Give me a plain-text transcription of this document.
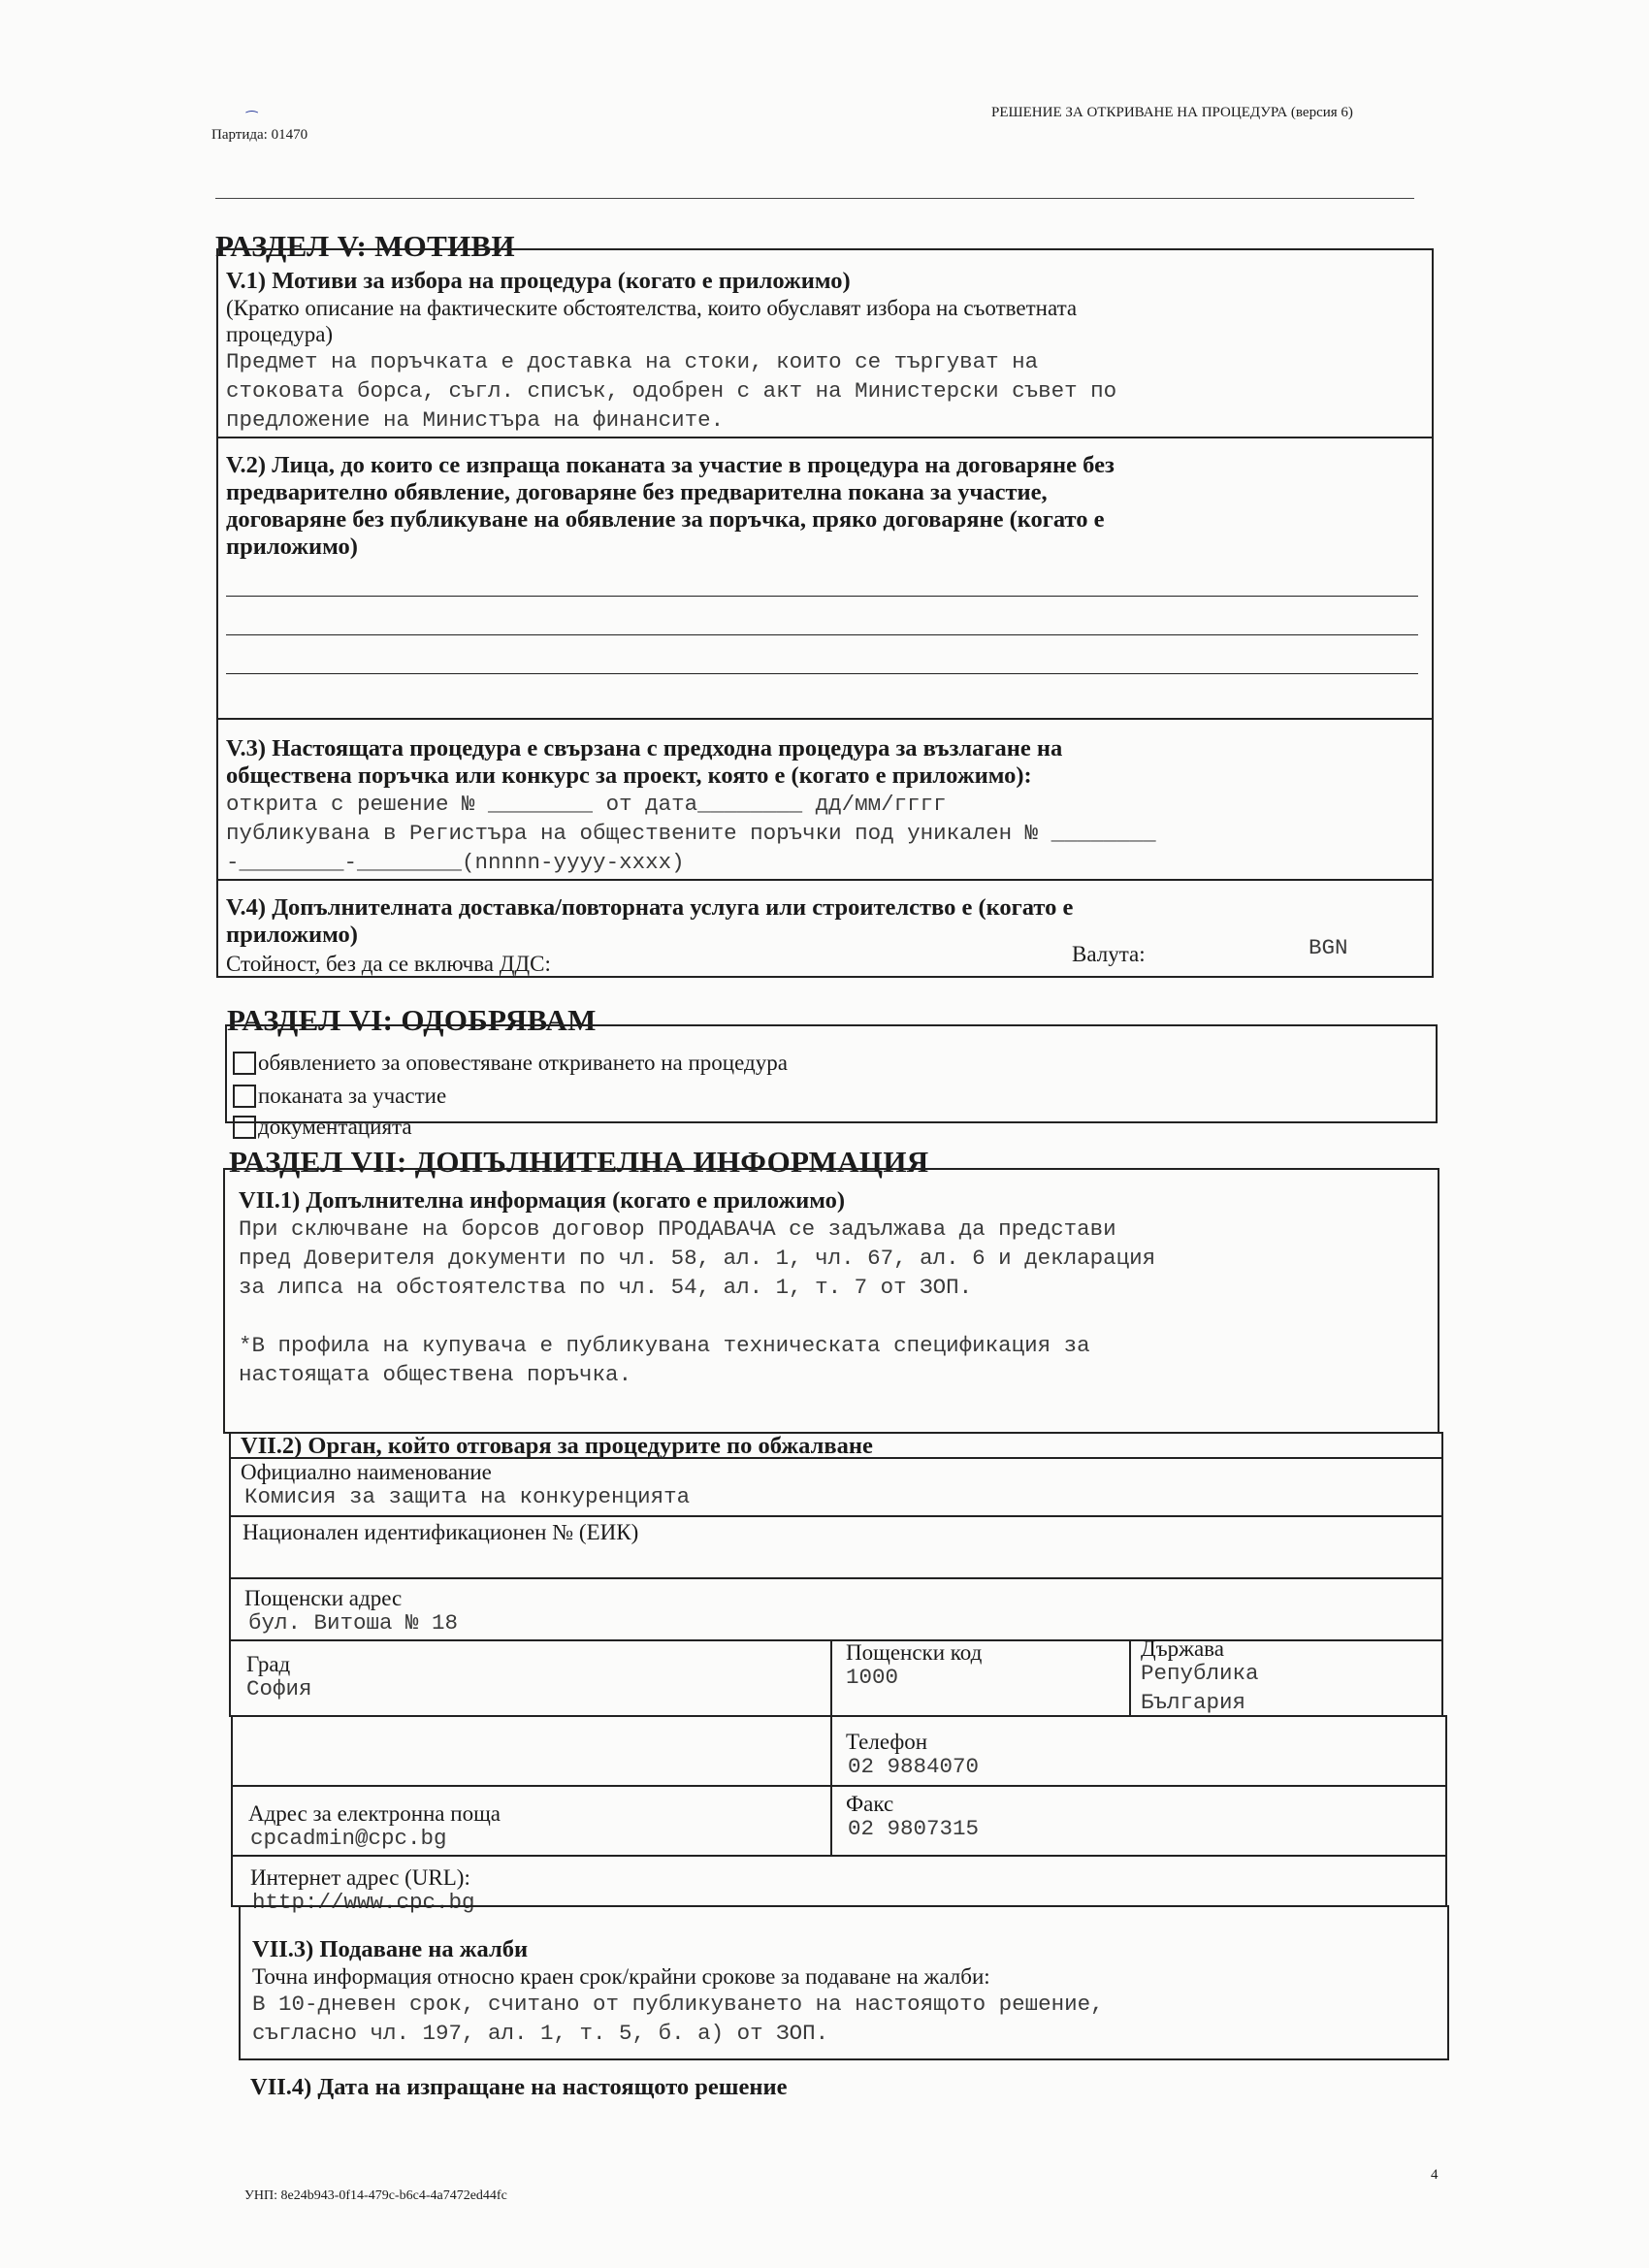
⁀
Партида: 01470
РЕШЕНИЕ ЗА ОТКРИВАНЕ НА ПРОЦЕДУРА (версия 6)
РАЗДЕЛ V: МОТИВИ
V.1) Мотиви за избора на процедура (когато е приложимо)
(Кратко описание на фактическите обстоятелства, които обуславят избора на съответната
процедура)
Предмет на поръчката е доставка на стоки, които се търгуват на
стоковата борса, съгл. списък, одобрен с акт на Министерски съвет по
предложение на Министъра на финансите.
V.2) Лица, до които се изпраща поканата за участие в процедура на договаряне без
предварително обявление, договаряне без предварителна покана за участие,
договаряне без публикуване на обявление за поръчка, пряко договаряне (когато е
приложимо)
V.3) Настоящата процедура е свързана с предходна процедура за възлагане на
обществена поръчка или конкурс за проект, която е (когато е приложимо):
открита с решение № ________ от дата________ дд/мм/гггг
публикувана в Регистъра на обществените поръчки под уникален № ________
-________-________(nnnnn-yyyy-xxxx)
V.4) Допълнителната доставка/повторната услуга или строителство е (когато е
приложимо)
Стойност, без да се включва ДДС:	Валута:	BGN
РАЗДЕЛ VI: ОДОБРЯВАМ
обявлението за оповестяване откриването на процедура
поканата за участие
документацията
РАЗДЕЛ VII: ДОПЪЛНИТЕЛНА ИНФОРМАЦИЯ
VII.1) Допълнителна информация (когато е приложимо)
При сключване на борсов договор ПРОДАВАЧА се задължава да представи
пред Доверителя документи по чл. 58, ал. 1, чл. 67, ал. 6 и декларация
за липса на обстоятелства по чл. 54, ал. 1, т. 7 от ЗОП.

*В профила на купувача е публикувана техническата спецификация за
настоящата обществена поръчка.
VII.2) Орган, който отговаря за процедурите по обжалване
Официално наименование
Комисия за защита на конкуренцията
Национален идентификационен № (ЕИК)
Пощенски адрес
бул. Витоша № 18
Град
София
Пощенски код
1000
Държава
Република
България
Телефон
02 9884070
Адрес за електронна поща
cpcadmin@cpc.bg
Факс
02 9807315
Интернет адрес (URL):
http://www.cpc.bg
VII.3) Подаване на жалби
Точна информация относно краен срок/крайни срокове за подаване на жалби:
В 10-дневен срок, считано от публикуването на настоящото решение,
съгласно чл. 197, ал. 1, т. 5, б. а) от ЗОП.
VII.4) Дата на изпращане на настоящото решение
УНП: 8e24b943-0f14-479c-b6c4-4a7472ed44fc
4
